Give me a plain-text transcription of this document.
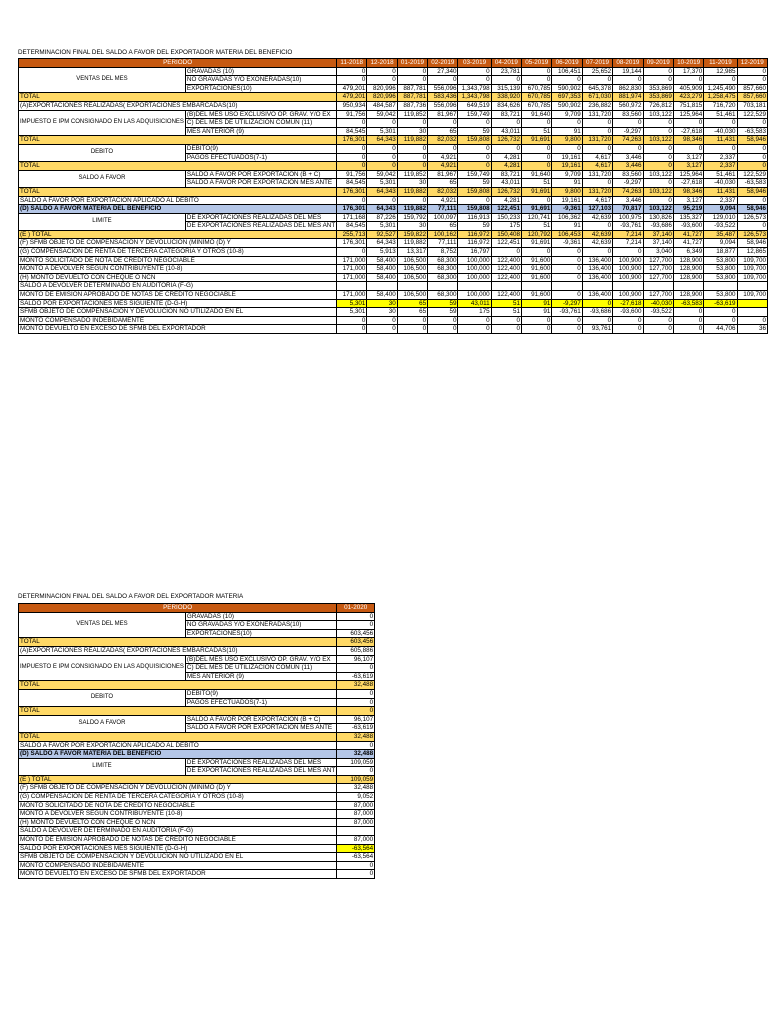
DETERMINACION FINAL DEL SALDO A FAVOR DEL EXPORTADOR MATERIA DEL BENEFICIO
PERIODO		11-2018	12-2018	01-2019	02-2019	03-2019	04-2019	05-2019	06-2019	07-2019	08-2019	09-2019	10-2019	11-2019	12-2019
VENTAS DEL MES	GRAVADAS (10)	0	0	0	27,340	0	23,781	0	106,451	25,652	19,144	0	17,370	12,985	0
	NO GRAVADAS Y/O EXONERADAS(10)	0	0	0	0	0	0	0	0	0	0	0	0	0	0
	EXPORTACIONES(10)	479,201	820,996	887,781	556,096	1,343,798	315,139	670,785	590,902	645,378	862,830	353,869	405,909	1,245,490	857,660
TOTAL		479,201	820,996	887,781	583,436	1,343,798	338,920	670,785	697,353	671,030	881,974	353,869	423,279	1,258,475	857,660
(A)EXPORTACIONES REALIZADAS( EXPORTACIONES EMBARCADAS(10)		950,934	484,587	887,736	556,096	649,519	834,626	670,785	590,902	236,882	560,972	726,812	751,815	716,720	703,181
IMPUESTO E IPM CONSIGNADO EN LAS ADQUISICIONES	(B)DEL MES USO EXCLUSIVO OP. GRAV. Y/O EX	91,756	59,042	119,852	81,967	159,749	83,721	91,640	9,709	131,720	83,560	103,122	125,964	51,461	122,529
	C) DEL MES DE UTILIZACION COMUN (11)	0	0	0	0	0	0	0	0	0	0	0	0	0	0
	MES ANTERIOR (9)	84,545	5,301	30	65	59	43,011	51	91	0	-9,297	0	-27,618	-40,030	-63,583
TOTAL		176,301	64,343	119,882	82,032	159,808	126,732	91,691	9,800	131,720	74,263	103,122	98,346	11,431	58,946
DEBITO	DEBITO(9)	0	0	0	0	0	0	0	0	0	0	0	0	0	0
	PAGOS EFECTUADOS(7-1)	0	0	0	4,921	0	4,281	0	19,161	4,617	3,446	0	3,127	2,337	0
TOTAL		0	0	0	4,921	0	4,281	0	19,161	4,617	3,446	0	3,127	2,337	0
SALDO A FAVOR	SALDO A FAVOR POR EXPORTACION (B + C)	91,756	59,042	119,852	81,967	159,749	83,721	91,640	9,709	131,720	83,560	103,122	125,964	51,461	122,529
	SALDO A FAVOR POR EXPORTACION MES ANTE	84,545	5,301	30	65	59	43,011	51	91	0	-9,297	0	-27,618	-40,030	-63,583
TOTAL		176,301	64,343	119,882	82,032	159,808	126,732	91,691	9,800	131,720	74,263	103,122	98,346	11,431	58,946
SALDO A FAVOR POR EXPORTACION APLICADO AL DEBITO		0	0	0	4,921	0	4,281	0	19,161	4,617	3,446	0	3,127	2,337	0
(D) SALDO A FAVOR MATERIA DEL BENEFICIO		176,301	64,343	119,882	77,111	159,808	122,451	91,691	-9,361	127,103	70,817	103,122	95,219	9,094	58,946
LIMITE	DE EXPORTACIONES REALIZADAS DEL MES	171,168	87,226	159,792	100,097	116,913	150,233	120,741	106,362	42,639	100,975	130,826	135,327	129,010	126,573
	DE EXPORTACIONES REALIZADAS DEL MES ANT	84,545	5,301	30	65	59	175	51	91	0	-93,761	-93,686	-93,600	-93,522	0
(E ) TOTAL		255,713	92,527	159,822	100,162	116,972	150,408	120,792	106,453	42,639	7,214	37,140	41,727	35,487	126,573
(F) SFMB OBJETO DE COMPENSACION Y DEVOLUCION (MINIMO (D) Y		176,301	64,343	119,882	77,111	116,972	122,451	91,691	-9,361	42,639	7,214	37,140	41,727	9,094	58,946
(G) COMPENSACION DE RENTA DE TERCERA CATEGORIA Y OTROS (10-8)		0	5,913	13,317	8,752	16,797	0	0	0	0	0	3,040	6,349	18,877	12,865
MONTO SOLICITADO DE NOTA DE CREDITO NEGOCIABLE		171,000	58,400	106,500	68,300	100,000	122,400	91,600	0	136,400	100,900	127,700	128,900	53,800	109,700
MONTO A DEVOLVER SEGÚN CONTRIBUYENTE (10-8)		171,000	58,400	106,500	68,300	100,000	122,400	91,600	0	136,400	100,900	127,700	128,900	53,800	109,700
(H) MONTO DEVUELTO CON CHEQUE O NCN		171,000	58,400	106,500	68,300	100,000	122,400	91,600	0	136,400	100,900	127,700	128,900	53,800	109,700
SALDO A DEVOLVER DETERMINADO EN AUDITORIA (F-G)															
MONTO DE EMISION APROBADO DE NOTAS DE CREDITO NEGOCIABLE		171,000	58,400	106,500	68,300	100,000	122,400	91,600	0	136,400	100,900	127,700	128,900	53,800	109,700
SALDO POR EXPORTACIONES MES SIGUIENTE (D-G-H)		5,301	30	65	59	43,011	51	91	-9,297	0	-27,618	-40,030	-63,583	-63,619	
SFMB OBJETO DE COMPENSACION Y DEVOLUCION NO UTILIZADO EN EL		5,301	30	65	59	175	51	91	-93,761	-93,686	-93,600	-93,522	0	0	
MONTO COMPENSADO INDEBIDAMENTE		0	0	0	0	0	0	0	0	0	0	0	0	0	0
MONTO DEVUELTO EN EXCESO DE SFMB DEL EXPORTADOR		0	0	0	0	0	0	0	0	93,761	0	0	0	44,706	36
DETERMINACION FINAL DEL SALDO A FAVOR DEL EXPORTADOR MATERIA
PERIODO		01-2020
VENTAS DEL MES	GRAVADAS (10)	0
	NO GRAVADAS Y/O EXONERADAS(10)	0
	EXPORTACIONES(10)	603,456
TOTAL		603,456
(A)EXPORTACIONES REALIZADAS( EXPORTACIONES EMBARCADAS(10)		605,886
IMPUESTO E IPM CONSIGNADO EN LAS ADQUISICIONES	(B)DEL MES USO EXCLUSIVO OP. GRAV. Y/O EX	96,107
	C) DEL MES DE UTILIZACION COMUN (11)	0
	MES ANTERIOR (9)	-63,619
TOTAL		32,488
DEBITO	DEBITO(9)	0
	PAGOS EFECTUADOS(7-1)	0
TOTAL		0
SALDO A FAVOR	SALDO A FAVOR POR EXPORTACION (B + C)	96,107
	SALDO A FAVOR POR EXPORTACION MES ANTE	-63,619
TOTAL		32,488
SALDO A FAVOR POR EXPORTACION APLICADO AL DEBITO		0
(D) SALDO A FAVOR MATERIA DEL BENEFICIO		32,488
LIMITE	DE EXPORTACIONES REALIZADAS DEL MES	109,059
	DE EXPORTACIONES REALIZADAS DEL MES ANT	0
(E ) TOTAL		109,059
(F) SFMB OBJETO DE COMPENSACION Y DEVOLUCION (MINIMO (D) Y		32,488
(G) COMPENSACION DE RENTA DE TERCERA CATEGORIA Y OTROS (10-8)		9,052
MONTO SOLICITADO DE NOTA DE CREDITO NEGOCIABLE		87,000
MONTO A DEVOLVER SEGÚN CONTRIBUYENTE (10-8)		87,000
(H) MONTO DEVUELTO CON CHEQUE O NCN		87,000
SALDO A DEVOLVER DETERMINADO EN AUDITORIA (F-G)		
MONTO DE EMISION APROBADO DE NOTAS DE CREDITO NEGOCIABLE		87,000
SALDO POR EXPORTACIONES MES SIGUIENTE (D-G-H)		-63,564
SFMB OBJETO DE COMPENSACION Y DEVOLUCION NO UTILIZADO EN EL		-63,564
MONTO COMPENSADO INDEBIDAMENTE		0
MONTO DEVUELTO EN EXCESO DE SFMB DEL EXPORTADOR		0
